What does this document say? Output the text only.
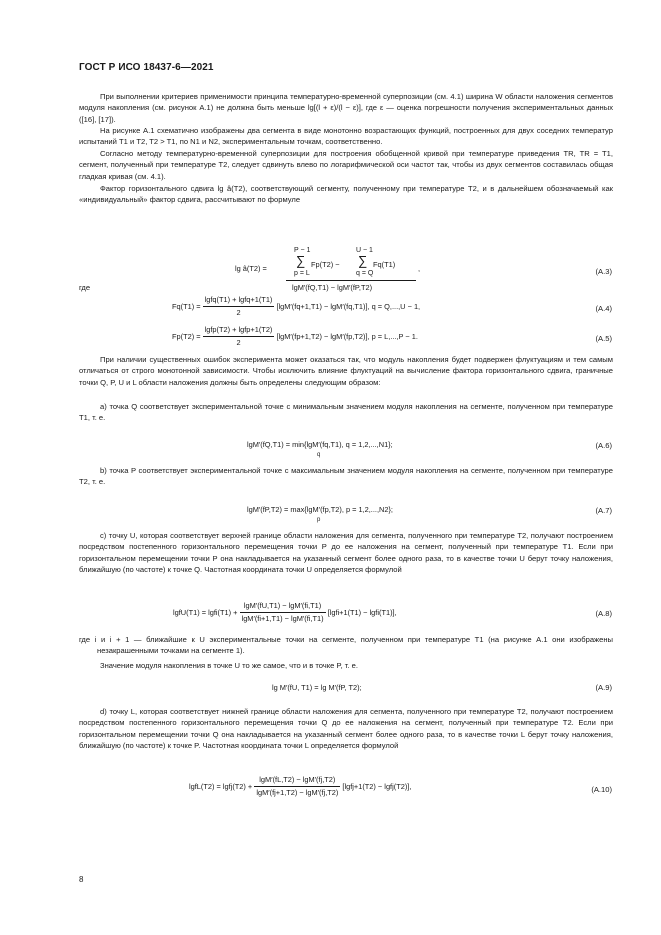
ГОСТ Р ИСО 18437-6—2021
При выполнении критериев применимости принципа температурно-временной суперпозиции (см. 4.1) ширина W области наложения сегментов модуля накопления (см. рисунок А.1) не должна быть меньше lg[(l + ε)/(l − ε)], где ε — оценка погрешности получения экспериментальных данных ([16], [17]).
На рисунке А.1 схематично изображены два сегмента в виде монотонно возрастающих функций, построенных для двух соседних температур испытаний T1 и T2, T2 > T1, по N1 и N2, экспериментальным точкам, соответственно.
Согласно методу температурно-временной суперпозиции для построения обобщенной кривой при температуре приведения TR, TR = T1, сегмент, полученный при температуре T2, следует сдвинуть влево по логарифмической оси частот так, чтобы из двух сегментов составилась общая гладкая кривая (см. 4.1).
Фактор горизонтального сдвига lg â(T2), соответствующий сегменту, полученному при температуре T2, и в дальнейшем обозначаемый как «индивидуальный» фактор сдвига, рассчитывают по формуле
lg â(T2) =
P − 1
∑
p = L
Fp(T2) −
U − 1
∑
q = Q
Fq(T1)
lgM′(fQ,T1) − lgM′(fP,T2)
,	(А.3)
где
$Fq(T1) = \frac{\text{lgfq(T1) + lgfq+1(T1)}}{2} [\lg M'(fq+1,T1) - \lg M'(fq,T1)]$, q = Q,...,U − 1,	(А.4)
$Fp(T2) = \frac{\text{lgfp(T2) + lgfp+1(T2)}}{2} [\lg M'(fp+1,T2) - \lg M'(fp,T2)]$, p = L,...,P − 1.	(А.5)
При наличии существенных ошибок эксперимента может оказаться так, что модуль накопления будет подвержен флуктуациям и тем самым отличаться от строго монотонной зависимости. Чтобы исключить влияние флуктуаций на вычисление фактора горизонтального сдвига, граничные точки Q, P, U и L области наложения должны быть определены следующим образом:
а) точка Q соответствует экспериментальной точке с минимальным значением модуля накопления на сегменте, полученном при температуре T1, т. е.
lgM′(fQ,T1) = min{lgM′(fq,T1), q = 1,2,...,N1};
q
(А.6)
b) точка P соответствует экспериментальной точке с максимальным значением модуля накопления на сегменте, полученном при температуре T2, т. е.
lgM′(fP,T2) = max{lgM′(fp,T2), p = 1,2,...,N2};
p
(А.7)
с) точку U, которая соответствует верхней границе области наложения для сегмента, полученного при температуре T2, получают построением посредством постепенного горизонтального перемещения точки P до ее наложения на сегмент, полученный при температуре T1. Если при горизонтальном перемещении точки P она накладывается на указанный сегмент более одного раза, то в качестве точки U берут точку наложения, ближайшую (по частоте) к точке Q. Частотная координата точки U определяется формулой
lgfU(T1) = lgfi(T1) + $\frac{\lg M'(fU,T1) - \lg M'(fi,T1)}{\lg M'(fi+1,T1) - \lg M'(fi,T1)}$ [lgfi+1(T1) − lgfi(T1)],	(А.8)
где i и i + 1 — ближайшие к U экспериментальные точки на сегменте, полученном при температуре T1 (на рисунке А.1 они изображены незакрашенными точками на сегменте 1).
Значение модуля накопления в точке U то же самое, что и в точке P, т. е.
lg M′(fU, T1) = lg M′(fP, T2);	(А.9)
d) точку L, которая соответствует нижней границе области наложения для сегмента, полученного при температуре T2, получают построением посредством постепенного горизонтального перемещения точки Q до ее наложения на сегмент, полученный при температуре T2. Если при горизонтальном перемещении точки Q она накладывается на указанный сегмент более одного раза, то в качестве точки L берут точку наложения, ближайшую (по частоте) к точке P. Частотная координата точки L определяется формулой
lgfL(T2) = lgfj(T2) + $\frac{\lg M'(fL,T2) - \lg M'(fj,T2)}{\lg M'(fj+1,T2) - \lg M'(fj,T2)}$ [lgfj+1(T2) − lgfj(T2)],	(А.10)
8
